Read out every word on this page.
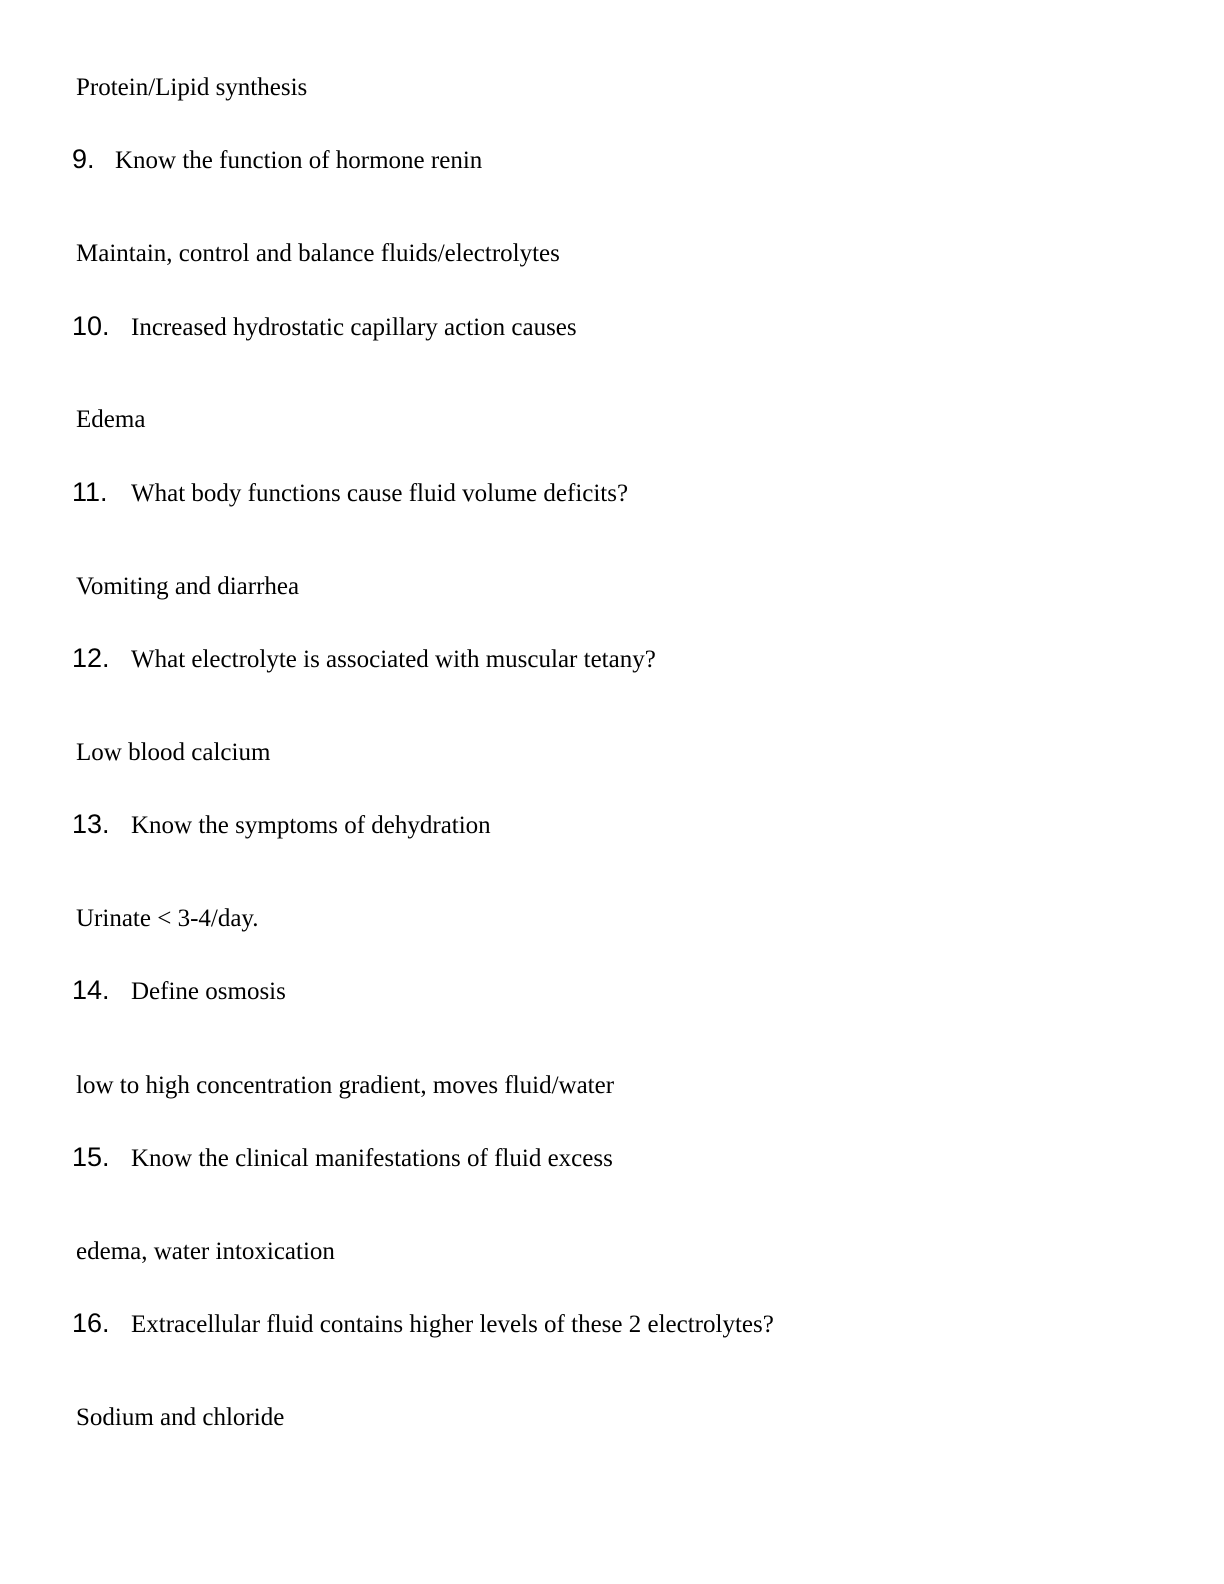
Protein/Lipid synthesis
9. Know the function of hormone renin
Maintain, control and balance fluids/electrolytes
10. Increased hydrostatic capillary action causes
Edema
11. What body functions cause fluid volume deficits?
Vomiting and diarrhea
12. What electrolyte is associated with muscular tetany?
Low blood calcium
13. Know the symptoms of dehydration
Urinate < 3-4/day.
14. Define osmosis
low to high concentration gradient, moves fluid/water
15. Know the clinical manifestations of fluid excess
edema, water intoxication
16. Extracellular fluid contains higher levels of these 2 electrolytes?
Sodium and chloride
